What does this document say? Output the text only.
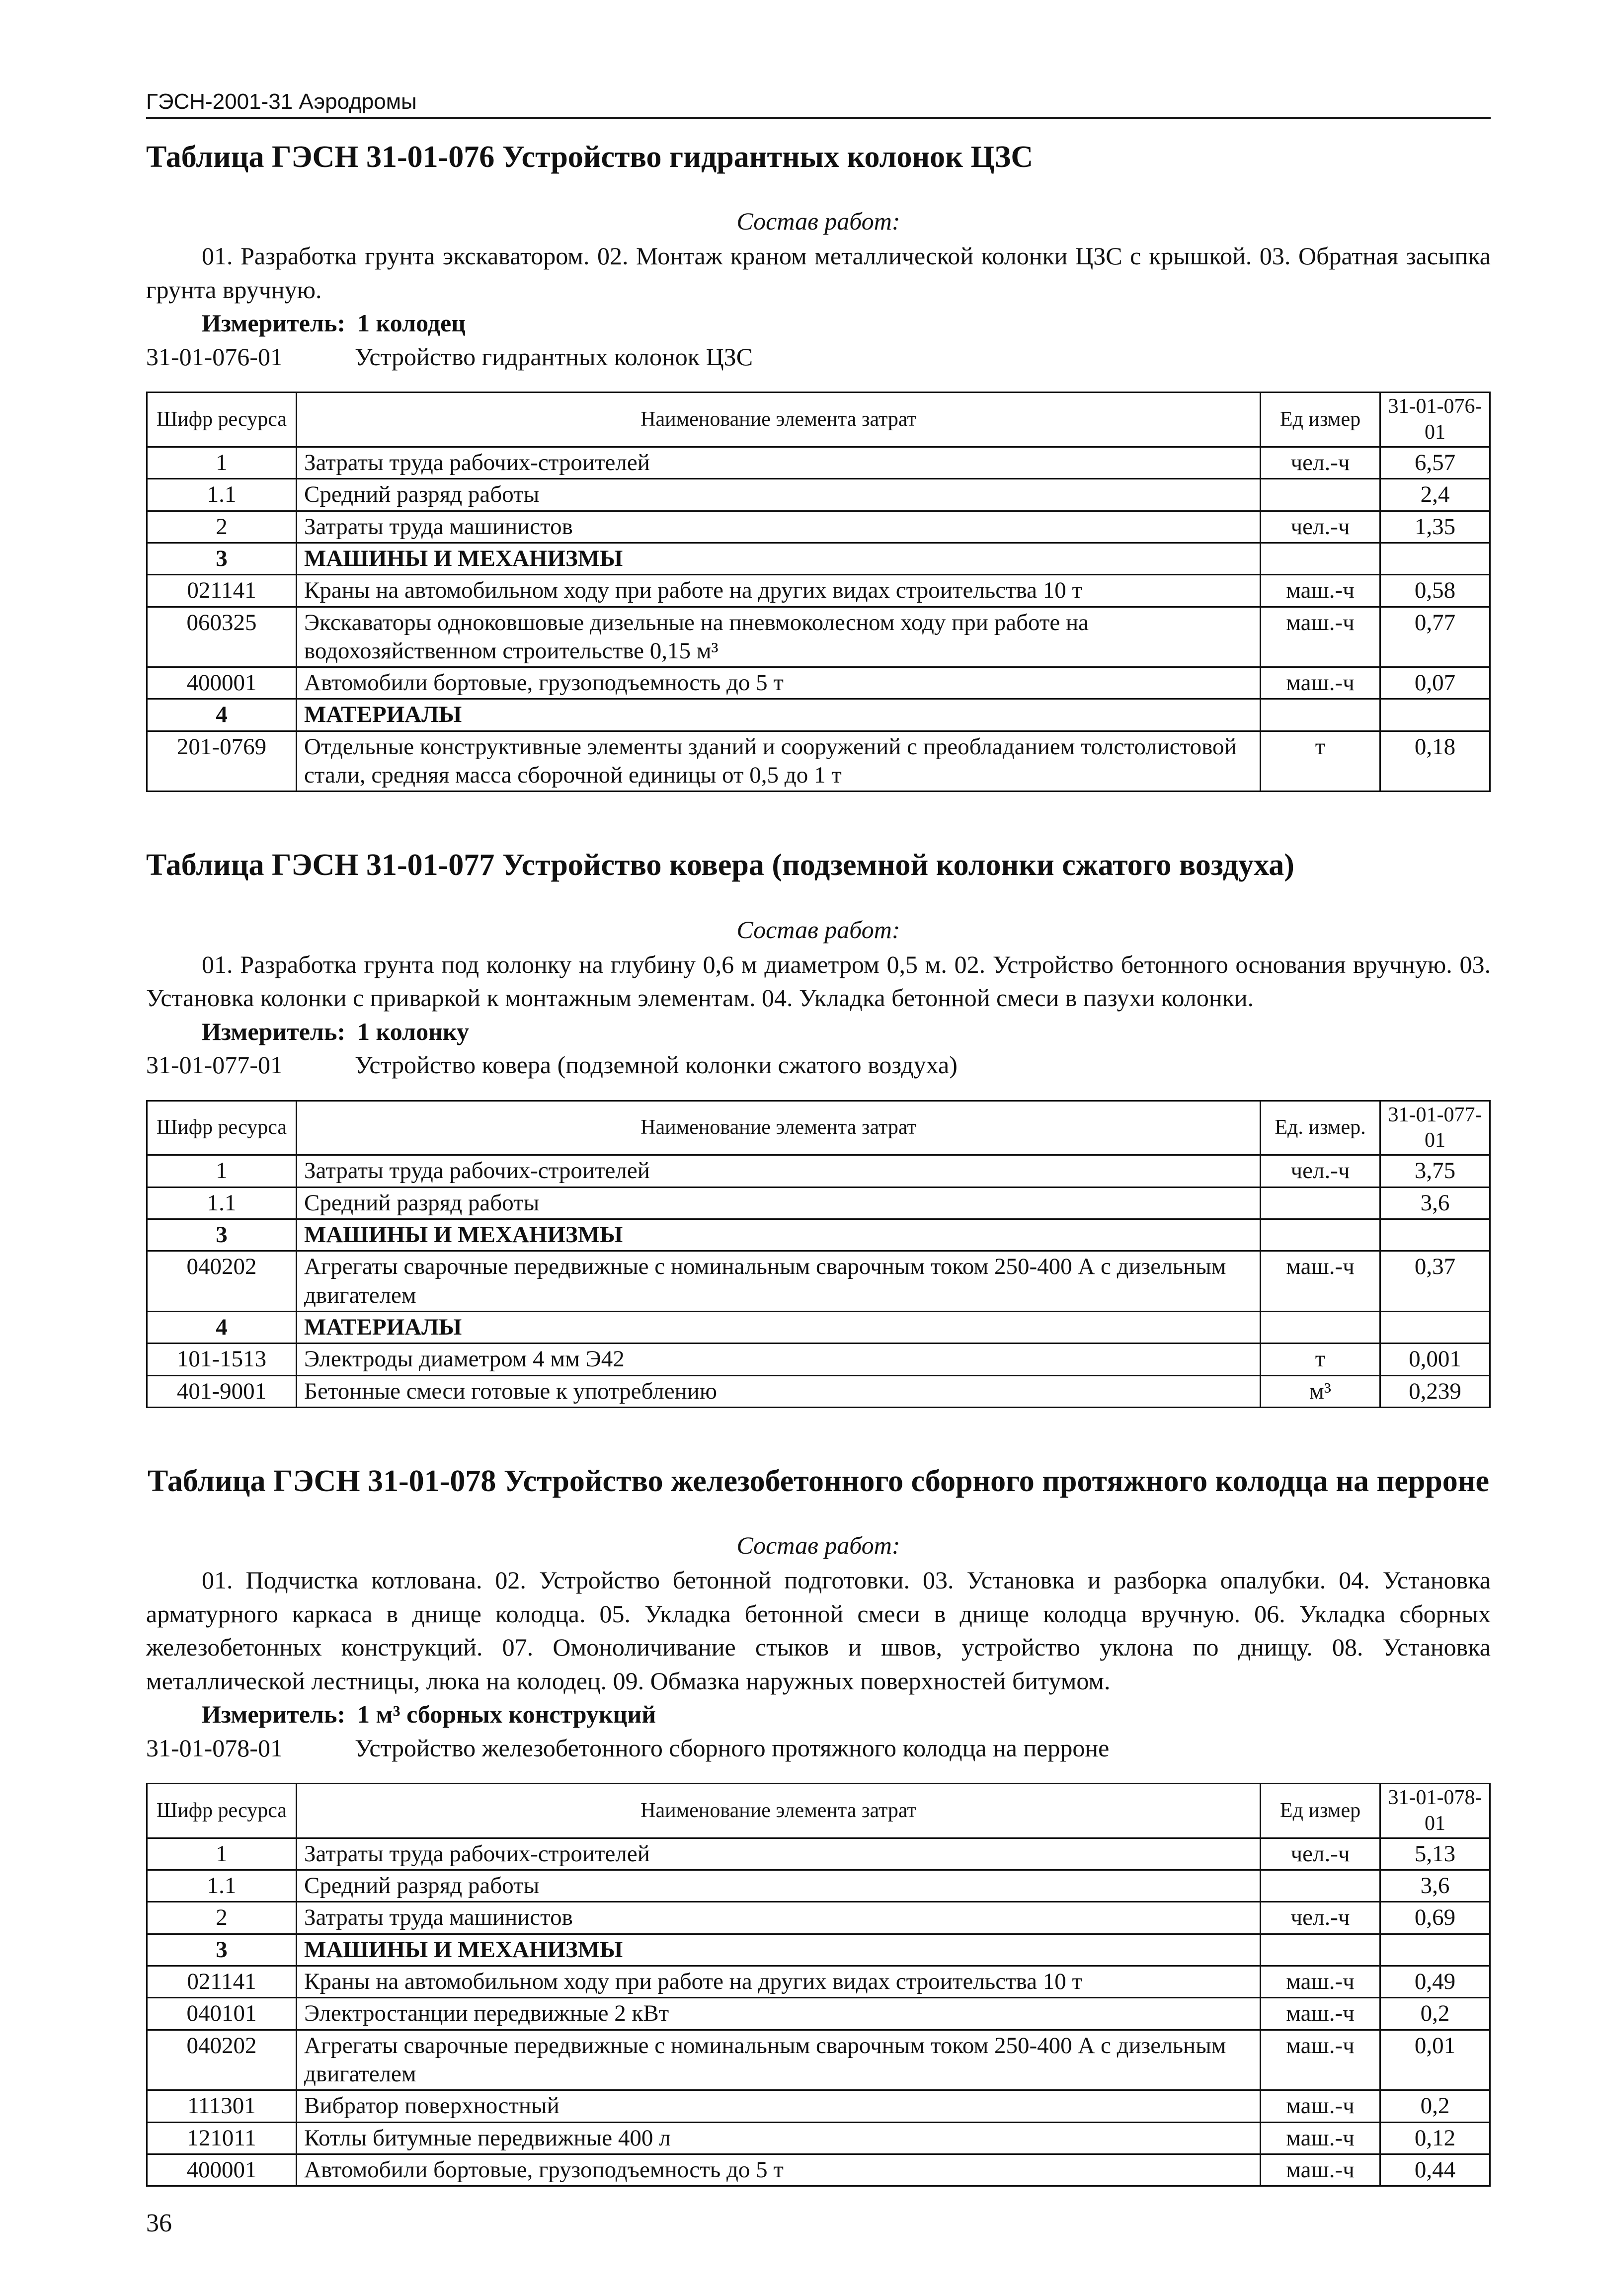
ГЭСН-2001-31 Аэродромы
Таблица ГЭСН 31-01-076 Устройство гидрантных колонок ЦЗС
Состав работ:

01. Разработка грунта экскаватором. 02. Монтаж краном металлической колонки ЦЗС с крышкой. 03. Обратная засыпка грунта вручную.

Измеритель: 1 колодец
31-01-076-01	Устройство гидрантных колонок ЦЗС
Шифр ресурса	Наименование элемента затрат	Ед измер	31-01-076-01
1	Затраты труда рабочих-строителей	чел.-ч	6,57
1.1	Средний разряд работы		2,4
2	Затраты труда машинистов	чел.-ч	1,35
3	МАШИНЫ И МЕХАНИЗМЫ		
021141	Краны на автомобильном ходу при работе на других видах строительства 10 т	маш.-ч	0,58
060325	Экскаваторы одноковшовые дизельные на пневмоколесном ходу при работе на водохозяйственном строительстве 0,15 м³	маш.-ч	0,77
400001	Автомобили бортовые, грузоподъемность до 5 т	маш.-ч	0,07
4	МАТЕРИАЛЫ		
201-0769	Отдельные конструктивные элементы зданий и сооружений с преобладанием толстолистовой стали, средняя масса сборочной единицы от 0,5 до 1 т	т	0,18
Таблица ГЭСН 31-01-077 Устройство ковера (подземной колонки сжатого воздуха)
Состав работ:

01. Разработка грунта под колонку на глубину 0,6 м диаметром 0,5 м. 02. Устройство бетонного основания вручную. 03. Установка колонки с приваркой к монтажным элементам. 04. Укладка бетонной смеси в пазухи колонки.

Измеритель: 1 колонку
31-01-077-01	Устройство ковера (подземной колонки сжатого воздуха)
Шифр ресурса	Наименование элемента затрат	Ед. измер.	31-01-077-01
1	Затраты труда рабочих-строителей	чел.-ч	3,75
1.1	Средний разряд работы		3,6
3	МАШИНЫ И МЕХАНИЗМЫ		
040202	Агрегаты сварочные передвижные с номинальным сварочным током 250-400 А с дизельным двигателем	маш.-ч	0,37
4	МАТЕРИАЛЫ		
101-1513	Электроды диаметром 4 мм Э42	т	0,001
401-9001	Бетонные смеси готовые к употреблению	м³	0,239
Таблица ГЭСН 31-01-078 Устройство железобетонного сборного протяжного колодца на перроне
Состав работ:

01. Подчистка котлована. 02. Устройство бетонной подготовки. 03. Установка и разборка опалубки. 04. Установка арматурного каркаса в днище колодца. 05. Укладка бетонной смеси в днище колодца вручную. 06. Укладка сборных железобетонных конструкций. 07. Омоноличивание стыков и швов, устройство уклона по днищу. 08. Установка металлической лестницы, люка на колодец. 09. Обмазка наружных поверхностей битумом.

Измеритель: 1 м³ сборных конструкций
31-01-078-01	Устройство железобетонного сборного протяжного колодца на перроне
Шифр ресурса	Наименование элемента затрат	Ед измер	31-01-078-01
1	Затраты труда рабочих-строителей	чел.-ч	5,13
1.1	Средний разряд работы		3,6
2	Затраты труда машинистов	чел.-ч	0,69
3	МАШИНЫ И МЕХАНИЗМЫ		
021141	Краны на автомобильном ходу при работе на других видах строительства 10 т	маш.-ч	0,49
040101	Электростанции передвижные 2 кВт	маш.-ч	0,2
040202	Агрегаты сварочные передвижные с номинальным сварочным током 250-400 А с дизельным двигателем	маш.-ч	0,01
111301	Вибратор поверхностный	маш.-ч	0,2
121011	Котлы битумные передвижные 400 л	маш.-ч	0,12
400001	Автомобили бортовые, грузоподъемность до 5 т	маш.-ч	0,44
36
